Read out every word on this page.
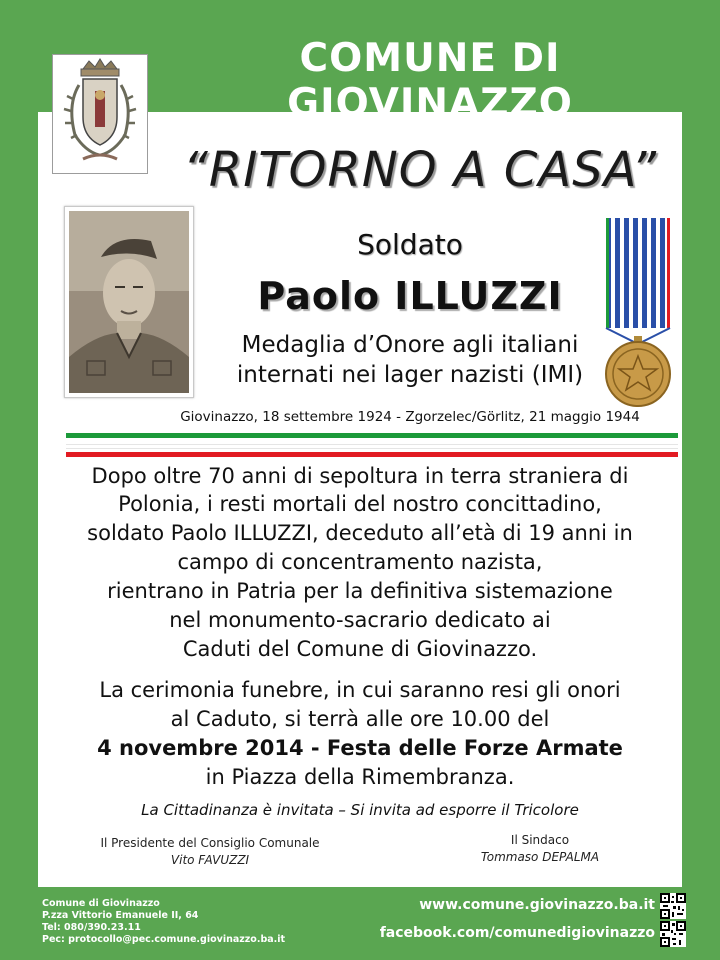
COMUNE DI GIOVINAZZO
“RITORNO A CASA”
Soldato
Paolo ILLUZZI
Medaglia d’Onore agli italiani
internati nei lager nazisti (IMI)
Giovinazzo, 18 settembre 1924 - Zgorzelec/Görlitz, 21 maggio 1944
Dopo oltre 70 anni di sepoltura in terra straniera di
Polonia, i resti mortali del nostro concittadino,
soldato Paolo ILLUZZI, deceduto all’età di 19 anni in
campo di concentramento nazista,
rientrano in Patria per la definitiva sistemazione
nel monumento-sacrario dedicato ai
Caduti del Comune di Giovinazzo.
La cerimonia funebre, in cui saranno resi gli onori
al Caduto, si terrà alle ore 10.00 del
4 novembre 2014 - Festa delle Forze Armate
in Piazza della Rimembranza.
La Cittadinanza è invitata – Si invita ad esporre il Tricolore
Il Presidente del Consiglio Comunale
Vito FAVUZZI
Il Sindaco
Tommaso DEPALMA
Comune di Giovinazzo
P.zza Vittorio Emanuele II, 64
Tel: 080/390.23.11
Pec: protocollo@pec.comune.giovinazzo.ba.it
www.comune.giovinazzo.ba.it
facebook.com/comunedigiovinazzo
